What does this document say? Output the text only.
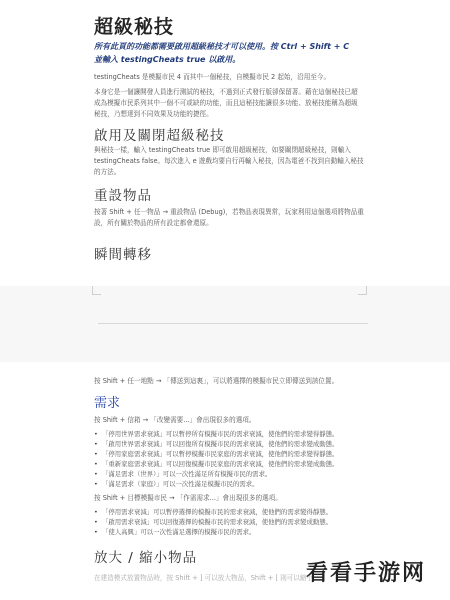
超級秘技
所有此頁的功能都需要啟用超級秘技才可以使用。按 Ctrl + Shift + C 並輸入 testingCheats true 以啟用。
testingCheats 是模擬市民 4 而其中一個秘技，自模擬市民 2 起始，沿用至今。
本身它是一個讓開發人員進行測試的秘技，不過到正式發行版卻保留著。藉在這個秘技已超成為模擬市民系列其中一個不可或缺的功能，而且這秘技能讓很多功能、放秘技能稱為超級秘技，乃想達到不同效果及功能的捷徑。
啟用及關閉超級秘技
與秘技一樣，輸入 testingCheats true 即可啟用超級秘技，如要關閉超級秘技，則輸入 testingCheats false。每次進入 e 遊戲均要自行再輸入秘技，因為電爸不找到自動輸入秘技的方法。
重設物品
按著 Shift + 任一物品 → 重設物品 (Debug)，若物品表現異常，玩家利用這個選項將物品重設，所有關於物品的所有設定都會還原。
瞬間轉移
按 Shift + 任一地點 → 「傳送到這裏」，可以將選擇的模擬市民立即傳送到該位置。
需求
按 Shift + 信箱 → 「改變需要...」會出現很多的選項。
• 「停用世界需求衰減」可以暫停所有模擬市民的需求衰減，使他們的需求變得靜態。
• 「啟用世界需求衰減」可以回復所有模擬市民的需求衰減，使他們的需求變成動態。
• 「停用家庭需求衰減」可以暫停模擬市民家庭的需求衰減，使他們的需求變得靜態。
• 「重新家庭需求衰減」可以回復模擬市民家庭的需求衰減，使他們的需求變成動態。
• 「滿足需求（世界）」可以一次性滿足所有模擬市民的需求。
• 「滿足需求（家庭）」可以一次性滿足模擬市民的需求。
按 Shift + 目標模擬市民 → 「作需需求...」會出現很多的選項。
• 「停用需求衰減」可以暫停選擇的模擬市民的需求衰減，使他們的需求變得靜態。
• 「啟用需求衰減」可以回復選擇的模擬市民的需求衰減，使他們的需求變成動態。
• 「使人高興」可以一次性滿足選擇的模擬市民的需求。
放大 / 縮小物品
在建造模式放置物品時，按 Shift + ] 可以放大物品，Shift + [ 則可以縮小。
看看手游网
